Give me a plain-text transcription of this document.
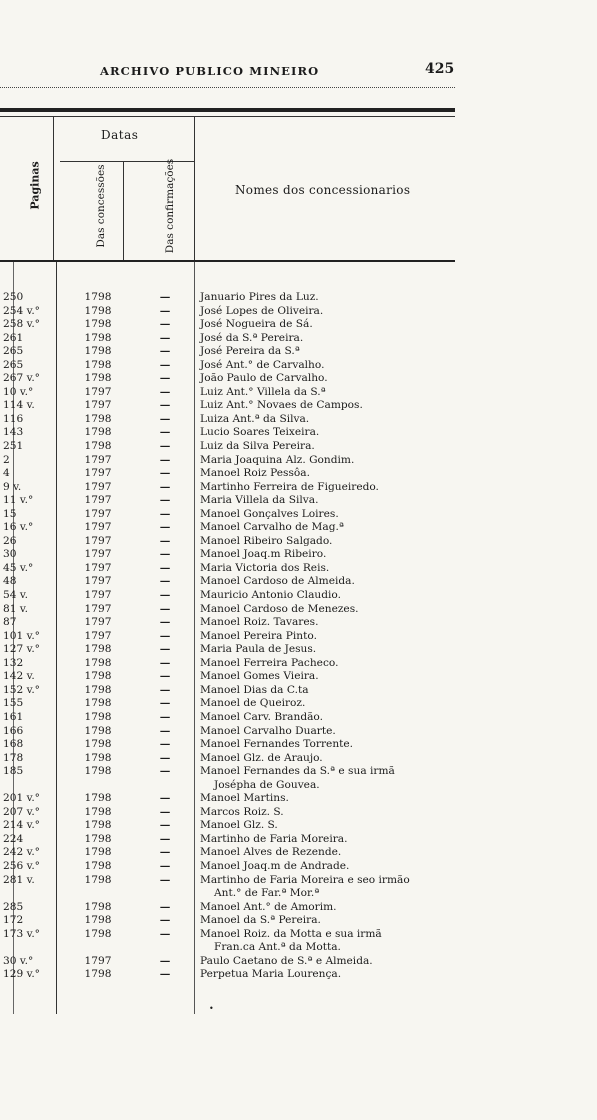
ARCHIVO PUBLICO MINEIRO	425
Paginas
Datas
Das concessões	Das confirmações	Nomes dos concessionarios
250	1798	—	Januario Pires da Luz.
254 v.°	1798	—	José Lopes de Oliveira.
258 v.°	1798	—	José Nogueira de Sá.
261	1798	—	José da S.ª Pereira.
265	1798	—	José Pereira da S.ª
265	1798	—	José Ant.° de Carvalho.
267 v.°	1798	—	João Paulo de Carvalho.
10 v.°	1797	—	Luiz Ant.° Villela da S.ª
114 v.	1797	—	Luiz Ant.° Novaes de Campos.
116	1798	—	Luiza Ant.ª da Silva.
143	1798	—	Lucio Soares Teixeira.
251	1798	—	Luiz da Silva Pereira.
2	1797	—	Maria Joaquina Alz. Gondim.
4	1797	—	Manoel Roiz Pessôa.
9 v.	1797	—	Martinho Ferreira de Figueiredo.
11 v.°	1797	—	Maria Villela da Silva.
15	1797	—	Manoel Gonçalves Loires.
16 v.°	1797	—	Manoel Carvalho de Mag.ª
26	1797	—	Manoel Ribeiro Salgado.
30	1797	—	Manoel Joaq.m Ribeiro.
45 v.°	1797	—	Maria Victoria dos Reis.
48	1797	—	Manoel Cardoso de Almeida.
54 v.	1797	—	Mauricio Antonio Claudio.
81 v.	1797	—	Manoel Cardoso de Menezes.
87	1797	—	Manoel Roiz. Tavares.
101 v.°	1797	—	Manoel Pereira Pinto.
127 v.°	1798	—	Maria Paula de Jesus.
132	1798	—	Manoel Ferreira Pacheco.
142 v.	1798	—	Manoel Gomes Vieira.
152 v.°	1798	—	Manoel Dias da C.ta
155	1798	—	Manoel de Queiroz.
161	1798	—	Manoel Carv. Brandão.
166	1798	—	Manoel Carvalho Duarte.
168	1798	—	Manoel Fernandes Torrente.
178	1798	—	Manoel Glz. de Araujo.
185	1798	—	Manoel Fernandes da S.ª e sua irmã
Josépha de Gouvea.
201 v.°	1798	—	Manoel Martins.
207 v.°	1798	—	Marcos Roiz. S.
214 v.°	1798	—	Manoel Glz. S.
224	1798	—	Martinho de Faria Moreira.
242 v.°	1798	—	Manoel Alves de Rezende.
256 v.°	1798	—	Manoel Joaq.m de Andrade.
281 v.	1798	—	Martinho de Faria Moreira e seo irmão
Ant.° de Far.ª Mor.ª
285	1798	—	Manoel Ant.° de Amorim.
172	1798	—	Manoel da S.ª Pereira.
173 v.°	1798	—	Manoel Roiz. da Motta e sua irmã
Fran.ca Ant.ª da Motta.
30 v.°	1797	—	Paulo Caetano de S.ª e Almeida.
129 v.°	1798	—	Perpetua Maria Lourença.
•
